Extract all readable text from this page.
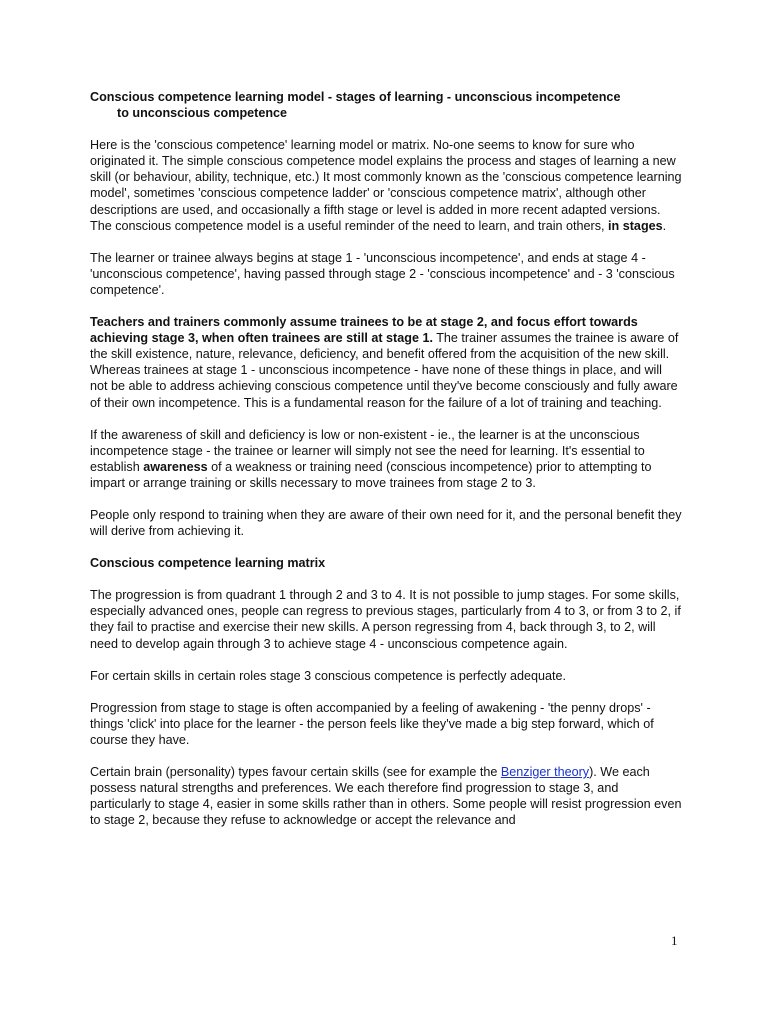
Conscious competence learning model - stages of learning - unconscious incompetence
to unconscious competence

Here is the 'conscious competence' learning model or matrix. No-one seems to know for sure who originated it. The simple conscious competence model explains the process and stages of learning a new skill (or behaviour, ability, technique, etc.) It most commonly known as the 'conscious competence learning model', sometimes 'conscious competence ladder' or 'conscious competence matrix', although other descriptions are used, and occasionally a fifth stage or level is added in more recent adapted versions. The conscious competence model is a useful reminder of the need to learn, and train others, in stages.

The learner or trainee always begins at stage 1 - 'unconscious incompetence', and ends at stage 4 - 'unconscious competence', having passed through stage 2 - 'conscious incompetence' and - 3 'conscious competence'.

Teachers and trainers commonly assume trainees to be at stage 2, and focus effort towards achieving stage 3, when often trainees are still at stage 1. The trainer assumes the trainee is aware of the skill existence, nature, relevance, deficiency, and benefit offered from the acquisition of the new skill. Whereas trainees at stage 1 - unconscious incompetence - have none of these things in place, and will not be able to address achieving conscious competence until they've become consciously and fully aware of their own incompetence. This is a fundamental reason for the failure of a lot of training and teaching.

If the awareness of skill and deficiency is low or non-existent - ie., the learner is at the unconscious incompetence stage - the trainee or learner will simply not see the need for learning. It's essential to establish awareness of a weakness or training need (conscious incompetence) prior to attempting to impart or arrange training or skills necessary to move trainees from stage 2 to 3.

People only respond to training when they are aware of their own need for it, and the personal benefit they will derive from achieving it.

Conscious competence learning matrix

The progression is from quadrant 1 through 2 and 3 to 4. It is not possible to jump stages. For some skills, especially advanced ones, people can regress to previous stages, particularly from 4 to 3, or from 3 to 2, if they fail to practise and exercise their new skills. A person regressing from 4, back through 3, to 2, will need to develop again through 3 to achieve stage 4 - unconscious competence again.

For certain skills in certain roles stage 3 conscious competence is perfectly adequate.

Progression from stage to stage is often accompanied by a feeling of awakening - 'the penny drops' - things 'click' into place for the learner - the person feels like they've made a big step forward, which of course they have.

Certain brain (personality) types favour certain skills (see for example the Benziger theory). We each possess natural strengths and preferences. We each therefore find progression to stage 3, and particularly to stage 4, easier in some skills rather than in others. Some people will resist progression even to stage 2, because they refuse to acknowledge or accept the relevance and

1
